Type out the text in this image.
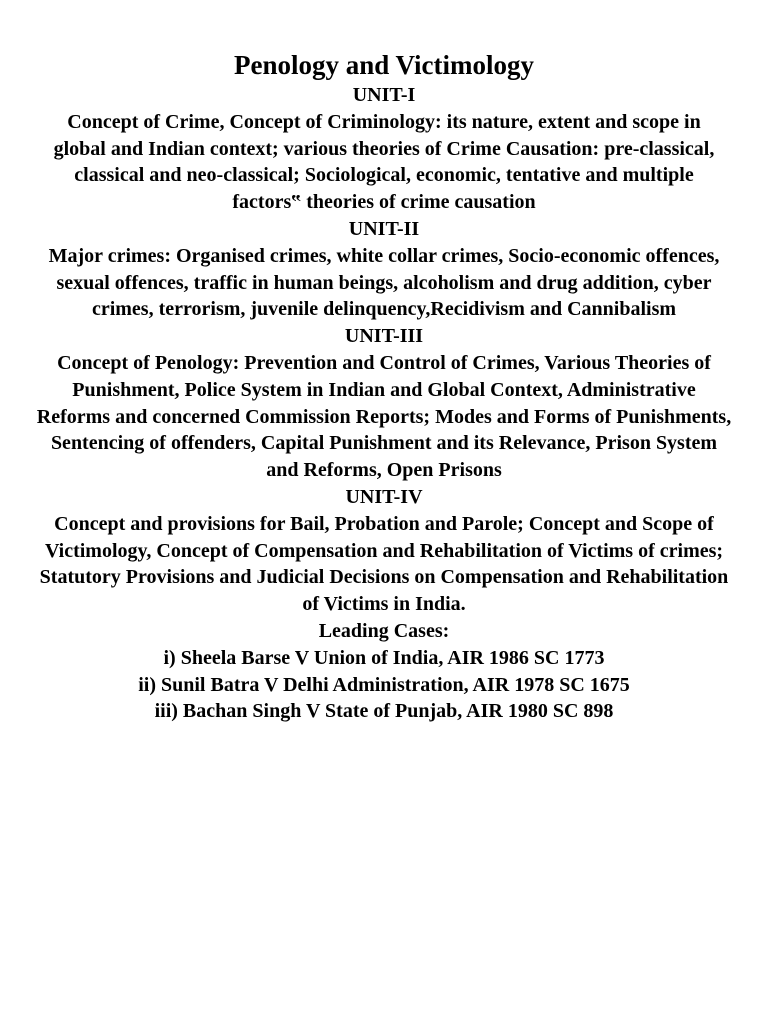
Penology and Victimology

UNIT-I

Concept of Crime, Concept of Criminology: its nature, extent and scope in global and Indian context; various theories of Crime Causation: pre-classical, classical and neo-classical; Sociological, economic, tentative and multiple factors‟ theories of crime causation

UNIT-II

Major crimes: Organised crimes, white collar crimes, Socio-economic offences, sexual offences, traffic in human beings, alcoholism and drug addition, cyber crimes, terrorism, juvenile delinquency,Recidivism and Cannibalism

UNIT-III

Concept of Penology: Prevention and Control of Crimes, Various Theories of Punishment, Police System in Indian and Global Context, Administrative Reforms and concerned Commission Reports; Modes and Forms of Punishments, Sentencing of offenders, Capital Punishment and its Relevance, Prison System and Reforms, Open Prisons

UNIT-IV

Concept and provisions for Bail, Probation and Parole; Concept and Scope of Victimology, Concept of Compensation and Rehabilitation of Victims of crimes; Statutory Provisions and Judicial Decisions on Compensation and Rehabilitation of Victims in India.

Leading Cases:

i) Sheela Barse V Union of India, AIR 1986 SC 1773

ii) Sunil Batra V Delhi Administration, AIR 1978 SC 1675

iii) Bachan Singh V State of Punjab, AIR 1980 SC 898
